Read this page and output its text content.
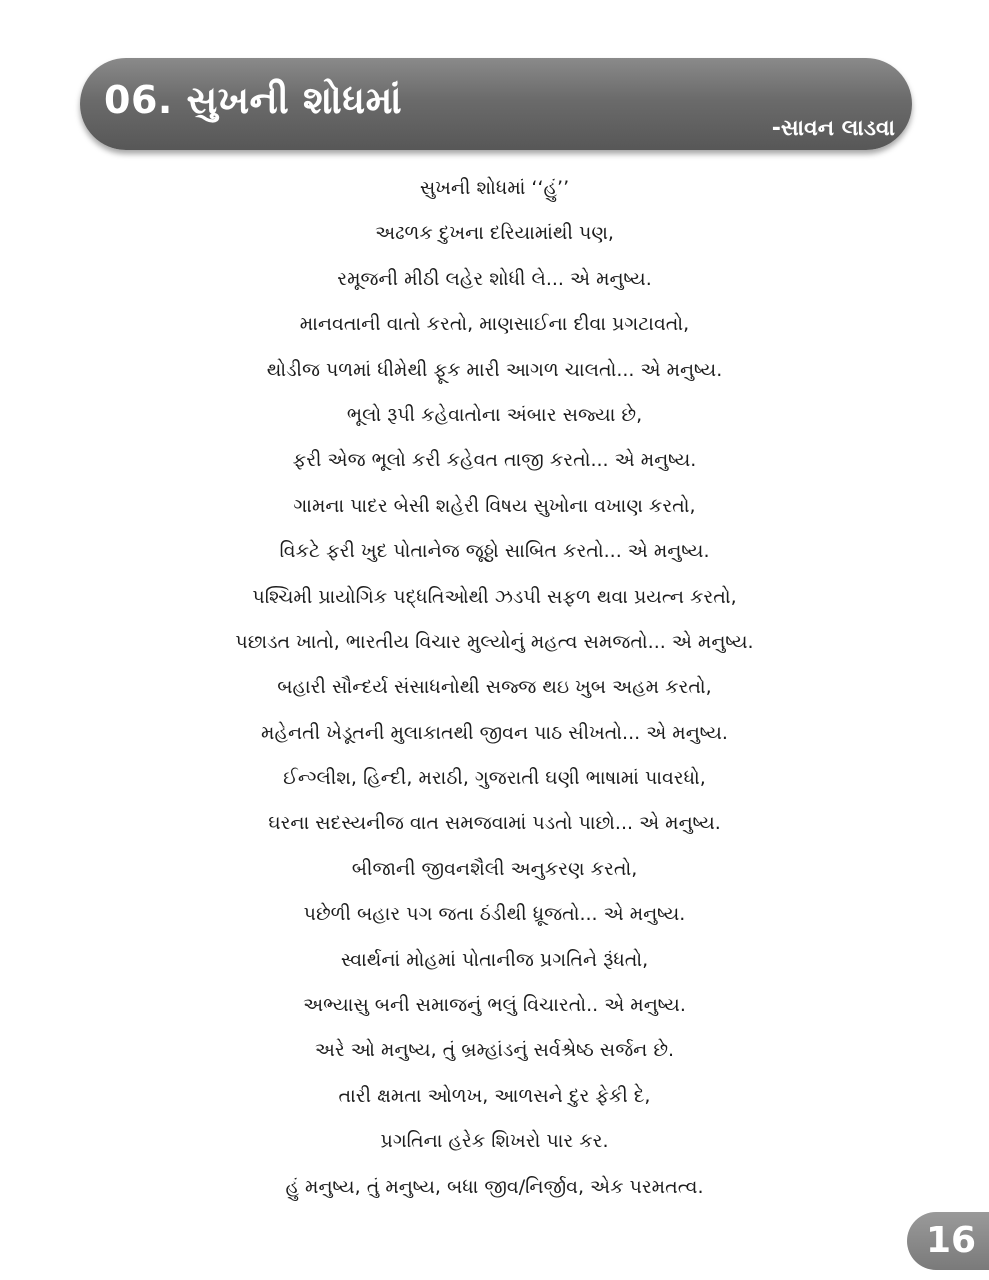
06. સુખની શોધમાં
-સાવન લાડવા
સુખની શોધમાં ‘‘હું’’
અઢળક દુખના દરિયામાંથી પણ,
રમૂજની મીઠી લહેર શોધી લે... એ મનુષ્ય.
માનવતાની વાતો કરતો, માણસાઈના દીવા પ્રગટાવતો,
થોડીજ પળમાં ધીમેથી ફૂક મારી આગળ ચાલતો... એ મનુષ્ય.
ભૂલો રૂપી કહેવાતોના અંબાર સજ્યા છે,
ફરી એજ ભૂલો કરી કહેવત તાજી કરતો... એ મનુષ્ય.
ગામના પાદર બેસી શહેરી વિષય સુખોના વખાણ કરતો,
વિકટે ફરી ખુદ પોતાનેજ જૂઠ્ઠો સાબિત કરતો... એ મનુષ્ય.
પશ્ચિમી પ્રાયોગિક પદ્ધતિઓથી ઝડપી સફળ થવા પ્રયત્ન કરતો,
પછાડત ખાતો, ભારતીય વિચાર મુલ્યોનું મહત્વ સમજતો... એ મનુષ્ય.
બહારી સૌન્દર્ય સંસાધનોથી સજ્જ થઇ ખુબ અહમ કરતો,
મહેનતી ખેડૂતની મુલાકાતથી જીવન પાઠ સીખતો... એ મનુષ્ય.
ઈન્ગ્લીશ, હિન્દી, મરાઠી, ગુજરાતી ઘણી ભાષામાં પાવરધો,
ઘરના સદસ્યનીજ વાત સમજવામાં પડતો પાછો... એ મનુષ્ય.
બીજાની જીવનશૈલી અનુકરણ કરતો,
પછેળી બહાર પગ જતા ઠંડીથી ધ્રૂજતો... એ મનુષ્ય.
સ્વાર્થનાં મોહમાં પોતાનીજ પ્રગતિને રૂંધતો,
અભ્યાસુ બની સમાજનું ભલું વિચારતો.. એ મનુષ્ય.
અરે ઓ મનુષ્ય, તું બ્રમ્હાંડનું સર્વશ્રેષ્ઠ સર્જન છે.
તારી ક્ષમતા ઓળખ, આળસને દુર ફેકી દે,
પ્રગતિના હરેક શિખરો પાર કર.
હું મનુષ્ય, તું મનુષ્ય, બધા જીવ/નિર્જીવ, એક પરમતત્વ.
16
